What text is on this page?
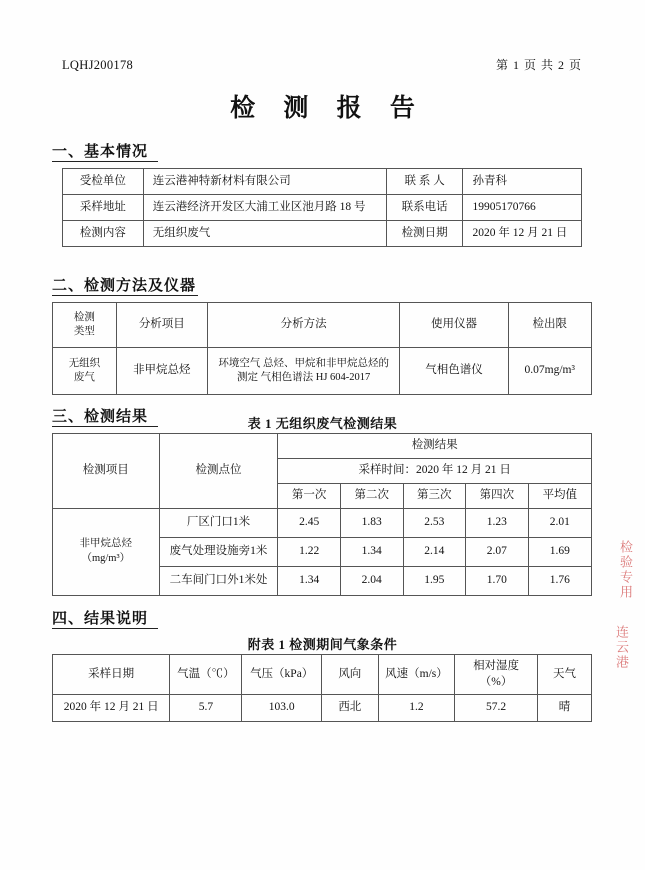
LQHJ200178	第 1 页 共 2 页
检 测 报 告
一、基本情况
受检单位	连云港神特新材料有限公司	联 系 人	孙青科
采样地址	连云港经济开发区大浦工业区池月路 18 号	联系电话	19905170766
检测内容	无组织废气	检测日期	2020 年 12 月 21 日
二、检测方法及仪器
检测
类型	分析项目	分析方法	使用仪器	检出限

无组织
废气	非甲烷总烃	环境空气 总烃、甲烷和非甲烷总烃的
测定 气相色谱法 HJ 604-2017	气相色谱仪	0.07mg/m³
三、检测结果	表 1 无组织废气检测结果
检测项目	检测点位	检测结果				
		采样时间：2020 年 12 月 21 日				
		第一次	第二次	第三次	第四次	平均值

非甲烷总烃
（mg/m³）	厂区门口1米	2.45	1.83	2.53	1.23	2.01
	废气处理设施旁1米	1.22	1.34	2.14	2.07	1.69
	二车间门口外1米处	1.34	2.04	1.95	1.70	1.76
四、结果说明
附表 1 检测期间气象条件
采样日期	气温（℃）	气压（kPa）	风向	风速（m/s）	相对湿度（%）	天气
2020 年 12 月 21 日	5.7	103.0	西北	1.2	57.2	晴
检验专用
连云港
